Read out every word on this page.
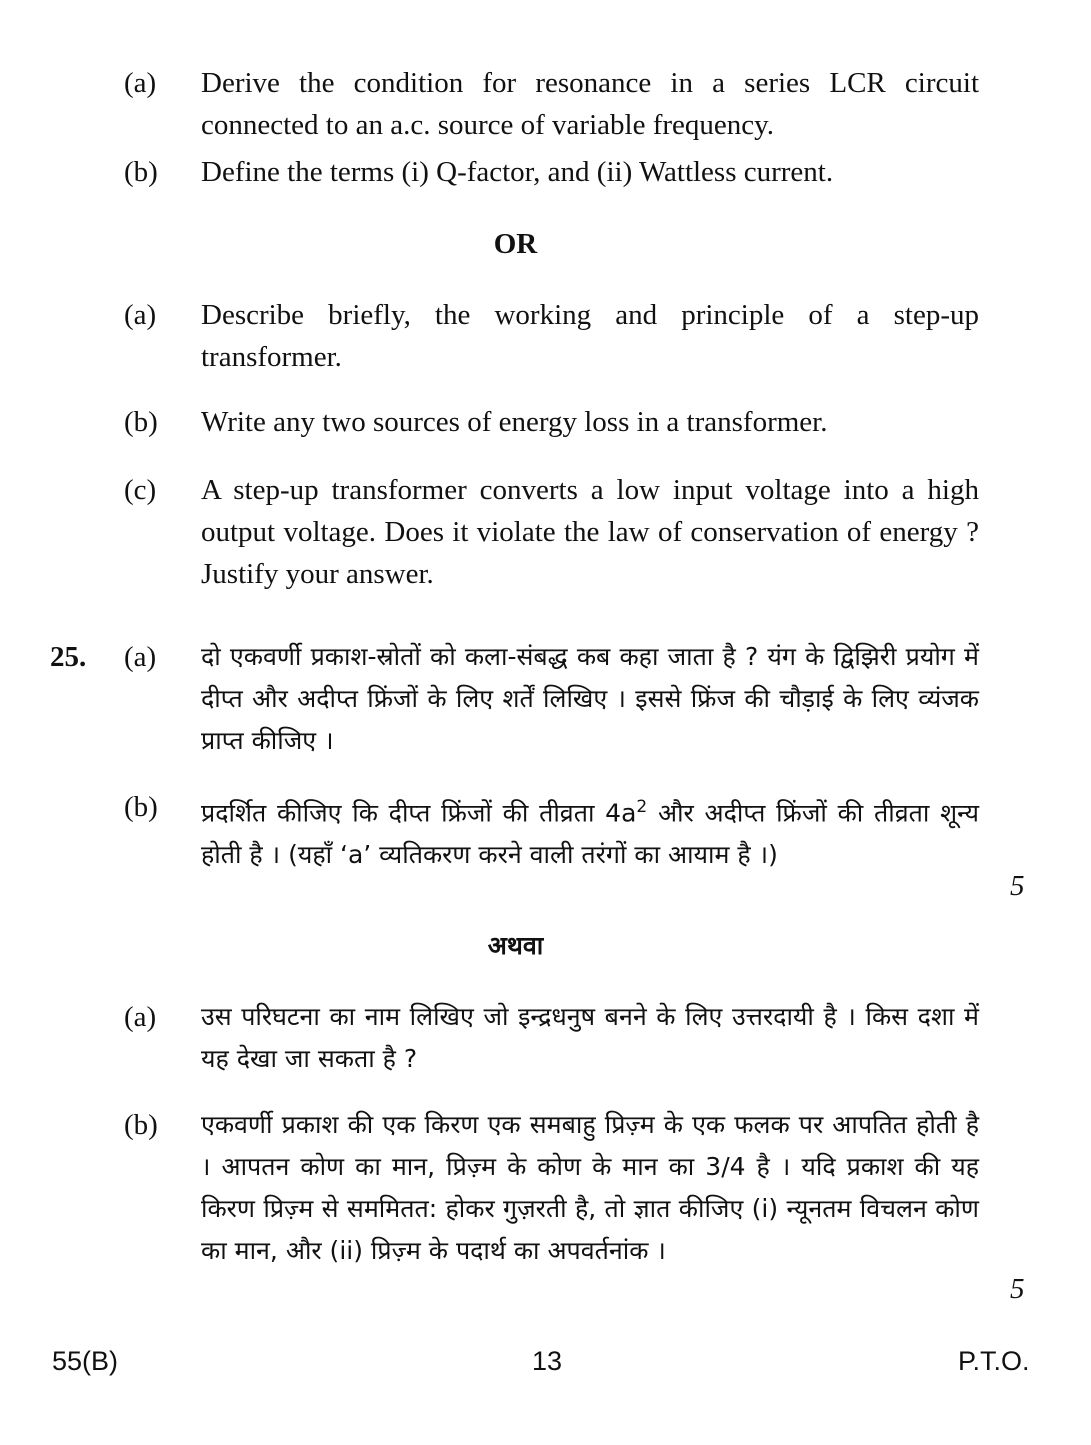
(a) Derive the condition for resonance in a series LCR circuit connected to an a.c. source of variable frequency.
(b) Define the terms (i) Q-factor, and (ii) Wattless current.
OR
(a) Describe briefly, the working and principle of a step-up transformer.
(b) Write any two sources of energy loss in a transformer.
(c) A step-up transformer converts a low input voltage into a high output voltage. Does it violate the law of conservation of energy ? Justify your answer.
25. (a) दो एकवर्णी प्रकाश-स्रोतों को कला-संबद्ध कब कहा जाता है ? यंग के द्विझिरी प्रयोग में दीप्त और अदीप्त फ्रिंजों के लिए शर्तें लिखिए । इससे फ्रिंज की चौड़ाई के लिए व्यंजक प्राप्त कीजिए ।
(b) प्रदर्शित कीजिए कि दीप्त फ्रिंजों की तीव्रता $4a^2$ और अदीप्त फ्रिंजों की तीव्रता शून्य होती है । (यहाँ ‘a’ व्यतिकरण करने वाली तरंगों का आयाम है ।)
5
अथवा
(a) उस परिघटना का नाम लिखिए जो इन्द्रधनुष बनने के लिए उत्तरदायी है । किस दशा में यह देखा जा सकता है ?
(b) एकवर्णी प्रकाश की एक किरण एक समबाहु प्रिज़्म के एक फलक पर आपतित होती है । आपतन कोण का मान, प्रिज़्म के कोण के मान का 3/4 है । यदि प्रकाश की यह किरण प्रिज़्म से सममितत: होकर गुज़रती है, तो ज्ञात कीजिए (i) न्यूनतम विचलन कोण का मान, और (ii) प्रिज़्म के पदार्थ का अपवर्तनांक ।
5
55(B)	13	P.T.O.
